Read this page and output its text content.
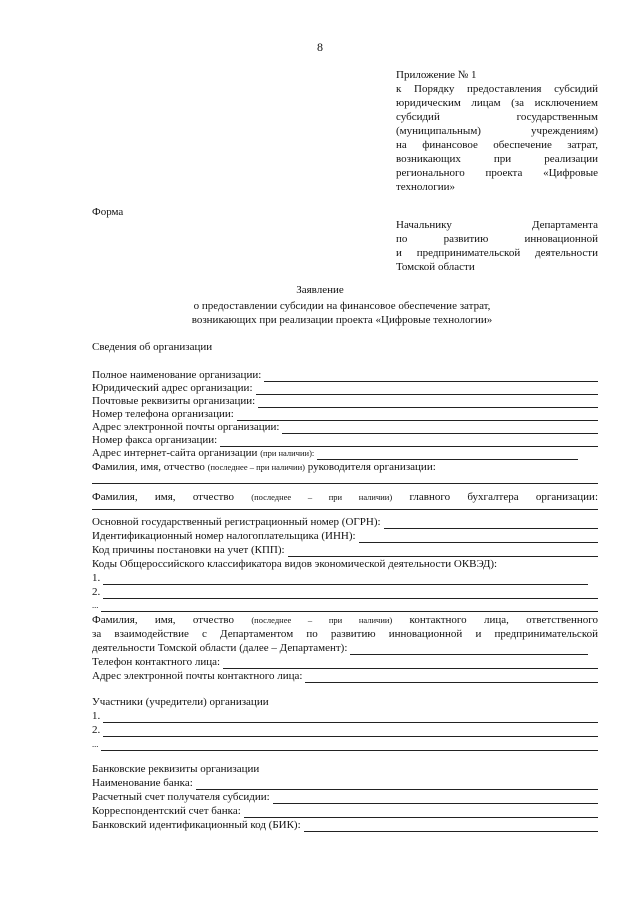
8
Приложение № 1
к Порядку предоставления субсидий
юридическим лицам (за исключением
субсидий государственным
(муниципальным) учреждениям)
на финансовое обеспечение затрат,
возникающих при реализации
регионального проекта «Цифровые
технологии»
Форма
Начальнику Департамента
по развитию инновационной
и предпринимательской деятельности
Томской области
Заявление
о предоставлении субсидии на финансовое обеспечение затрат,
возникающих при реализации проекта «Цифровые технологии»
Сведения об организации
Полное наименование организации:
Юридический адрес организации:
Почтовые реквизиты организации:
Номер телефона организации:
Адрес электронной почты организации:
Номер факса организации:
Адрес интернет-сайта организации (при наличии):
Фамилия, имя, отчество (последнее – при наличии) руководителя организации:
Фамилия, имя, отчество (последнее – при наличии) главного бухгалтера организации:
Основной государственный регистрационный номер (ОГРН):
Идентификационный номер налогоплательщика (ИНН):
Код причины постановки на учет (КПП):
Коды Общероссийского классификатора видов экономической деятельности ОКВЭД):
1.
2.
...
Фамилия, имя, отчество (последнее – при наличии) контактного лица, ответственного
за взаимодействие с Департаментом по развитию инновационной и предпринимательской
деятельности Томской области (далее – Департамент):
Телефон контактного лица:
Адрес электронной почты контактного лица:
Участники (учредители) организации
1.
2.
...
Банковские реквизиты организации
Наименование банка:
Расчетный счет получателя субсидии:
Корреспондентский счет банка:
Банковский идентификационный код (БИК):
